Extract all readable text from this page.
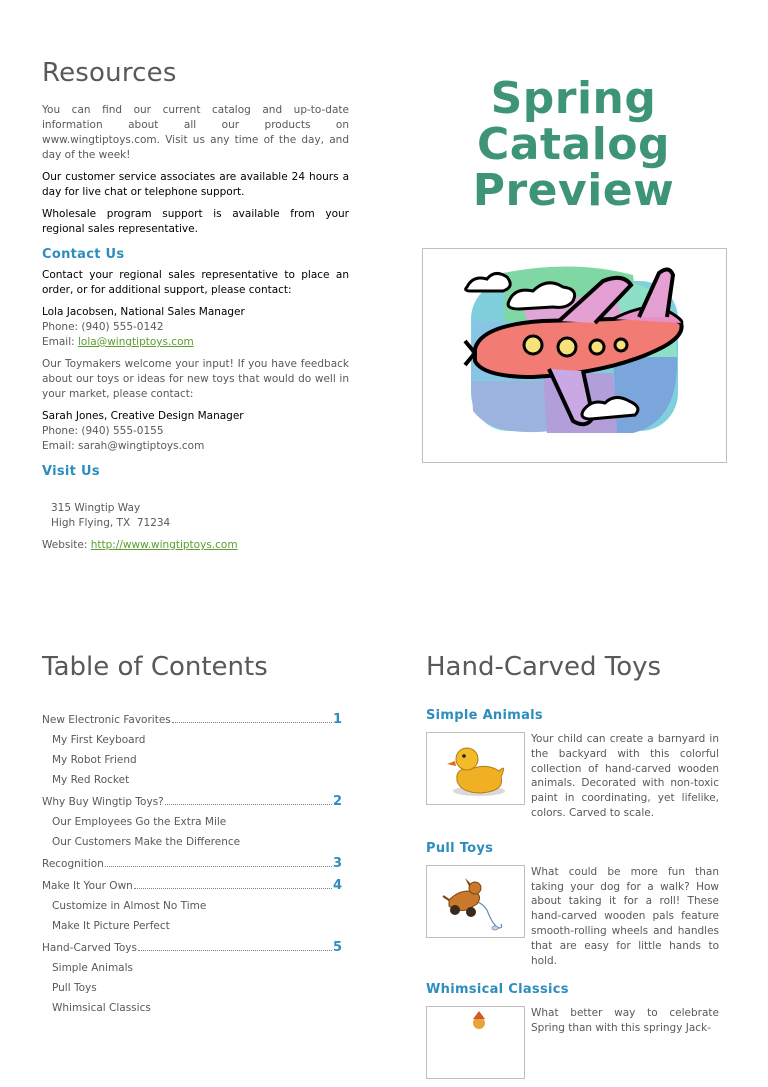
Resources

You can find our current catalog and up-to-date information about all our products on www.wingtiptoys.com. Visit us any time of the day, and day of the week!

Our customer service associates are available 24 hours a day for live chat or telephone support.

Wholesale program support is available from your regional sales representative.

Contact Us

Contact your regional sales representative to place an order, or for additional support, please contact:

Lola Jacobsen, National Sales Manager
Phone: (940) 555-0142
Email: lola@wingtiptoys.com

Our Toymakers welcome your input! If you have feedback about our toys or ideas for new toys that would do well in your market, please contact:

Sarah Jones, Creative Design Manager
Phone: (940) 555-0155
Email: sarah@wingtiptoys.com
Visit Us
315 Wingtip Way
High Flying, TX  71234
Website: http://www.wingtiptoys.com
Spring
Catalog
Preview
Table of Contents
New Electronic Favorites	1
My First Keyboard
My Robot Friend
My Red Rocket
Why Buy Wingtip Toys?	2
Our Employees Go the Extra Mile
Our Customers Make the Difference
Recognition	3
Make It Your Own	4
Customize in Almost No Time
Make It Picture Perfect
Hand-Carved Toys	5
Simple Animals
Pull Toys
Whimsical Classics
Hand-Carved Toys
Simple Animals
Your child can create a barnyard in the backyard with this colorful collection of hand-carved wooden animals. Decorated with non-toxic paint in coordinating, yet lifelike, colors. Carved to scale.
Pull Toys
What could be more fun than taking your dog for a walk? How about taking it for a roll! These hand-carved wooden pals feature smooth-rolling wheels and handles that are easy for little hands to hold.
Whimsical Classics
What better way to celebrate Spring than with this springy Jack-
